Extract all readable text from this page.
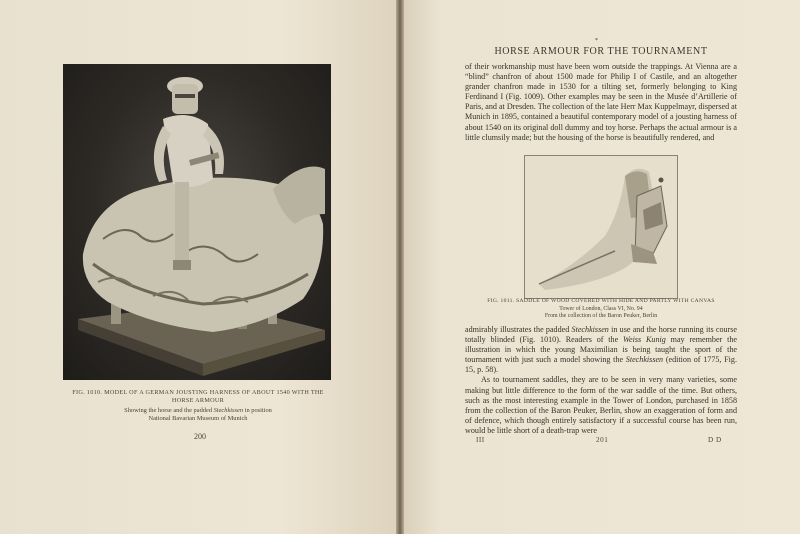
FIG. 1010. MODEL OF A GERMAN JOUSTING HARNESS OF ABOUT 1540 WITH THE HORSE ARMOUR
Showing the horse and the padded Stechkissen in position
National Bavarian Museum of Munich
200
*
HORSE ARMOUR FOR THE TOURNAMENT

of their workmanship must have been worn outside the trappings. At Vienna are a “blind” chanfron of about 1500 made for Philip I of Castile, and an altogether grander chanfron made in 1530 for a tilting set, formerly belonging to King Ferdinand I (Fig. 1009). Other examples may be seen in the Musée d’Artillerie of Paris, and at Dresden. The collection of the late Herr Max Kuppelmayr, dispersed at Munich in 1895, contained a beautiful contemporary model of a jousting harness of about 1540 on its original doll dummy and toy horse. Perhaps the actual armour is a little clumsily made; but the housing of the horse is beautifully rendered, and

FIG. 1011. SADDLE OF WOOD COVERED WITH HIDE AND PARTLY WITH CANVAS
Tower of London, Class VI, No. 94
From the collection of the Baron Peuker, Berlin

admirably illustrates the padded Stechkissen in use and the horse running its course totally blinded (Fig. 1010). Readers of the Weiss Kunig may remember the illustration in which the young Maximilian is being taught the sport of the tournament with just such a model showing the Stechkissen (edition of 1775, Fig. 15, p. 58).

As to tournament saddles, they are to be seen in very many varieties, some making but little difference to the form of the war saddle of the time. But others, such as the most interesting example in the Tower of London, purchased in 1858 from the collection of the Baron Peuker, Berlin, show an exaggeration of form and of defence, which though entirely satisfactory if a successful course has been run, would be little short of a death-trap were

III	201	D D
